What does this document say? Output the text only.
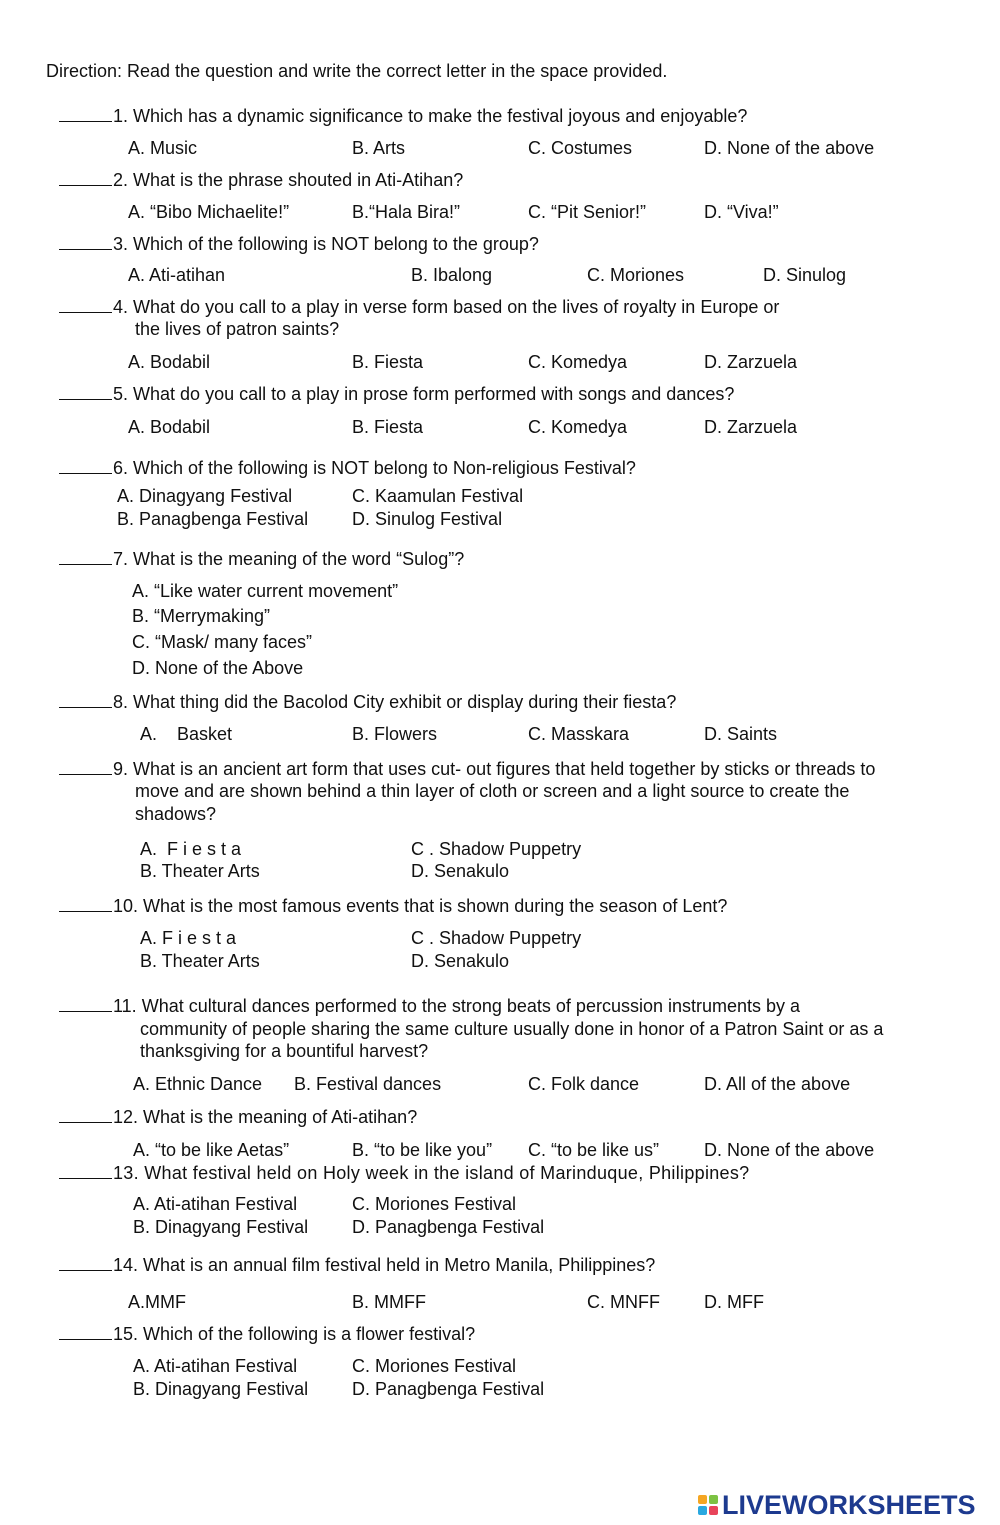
Direction: Read the question and write the correct letter in the space provided.
1. Which has a dynamic significance to make the festival joyous and enjoyable?
A. Music	B. Arts	C. Costumes	D. None of the above
2. What is the phrase shouted in Ati-Atihan?
A. “Bibo Michaelite!”	B.“Hala Bira!”	C. “Pit Senior!”	D. “Viva!”
3. Which of the following is NOT belong to the group?
A. Ati-atihan	B. Ibalong	C. Moriones	D. Sinulog
4. What do you call to a play in verse form based on the lives of royalty in Europe or
the lives of patron saints?
A. Bodabil	B. Fiesta	C. Komedya	D. Zarzuela
5. What do you call to a play in prose form performed with songs and dances?
A. Bodabil	B. Fiesta	C. Komedya	D. Zarzuela
6. Which of the following is NOT belong to Non-religious Festival?
A. Dinagyang Festival	C. Kaamulan Festival
B. Panagbenga Festival D. Sinulog Festival
7. What is the meaning of the word “Sulog”?
A. “Like water current movement”
B. “Merrymaking”
C. “Mask/ many faces”
D. None of the Above
8. What thing did the Bacolod City exhibit or display during their fiesta?
A.    Basket	B. Flowers	C. Masskara	D. Saints
9. What is an ancient art form that uses cut- out figures that held together by sticks or threads to
move and are shown behind a thin layer of cloth or screen and a light source to create the
shadows?
A.  F i e s t a	C . Shadow Puppetry
B. Theater Arts	D. Senakulo
10. What is the most famous events that is shown during the season of Lent?
A. F i e s t a	C . Shadow Puppetry
B. Theater Arts	D. Senakulo
11. What cultural dances performed to the strong beats of percussion instruments by a
community of people sharing the same culture usually done in honor of a Patron Saint or as a
thanksgiving for a bountiful harvest?
A. Ethnic Dance B. Festival dances	C. Folk dance	D. All of the above
12. What is the meaning of Ati-atihan?
A. “to be like Aetas”	B. “to be like you” C. “to be like us” D. None of the above
13. What festival held on Holy week in the island of Marinduque, Philippines?
A. Ati-atihan Festival	C. Moriones Festival
B. Dinagyang Festival D. Panagbenga Festival
14. What is an annual film festival held in Metro Manila, Philippines?
A.MMF	B. MMFF	C. MNFF D. MFF
15. Which of the following is a flower festival?
A. Ati-atihan Festival	C. Moriones Festival
B. Dinagyang Festival D. Panagbenga Festival
LIVEWORKSHEETS
